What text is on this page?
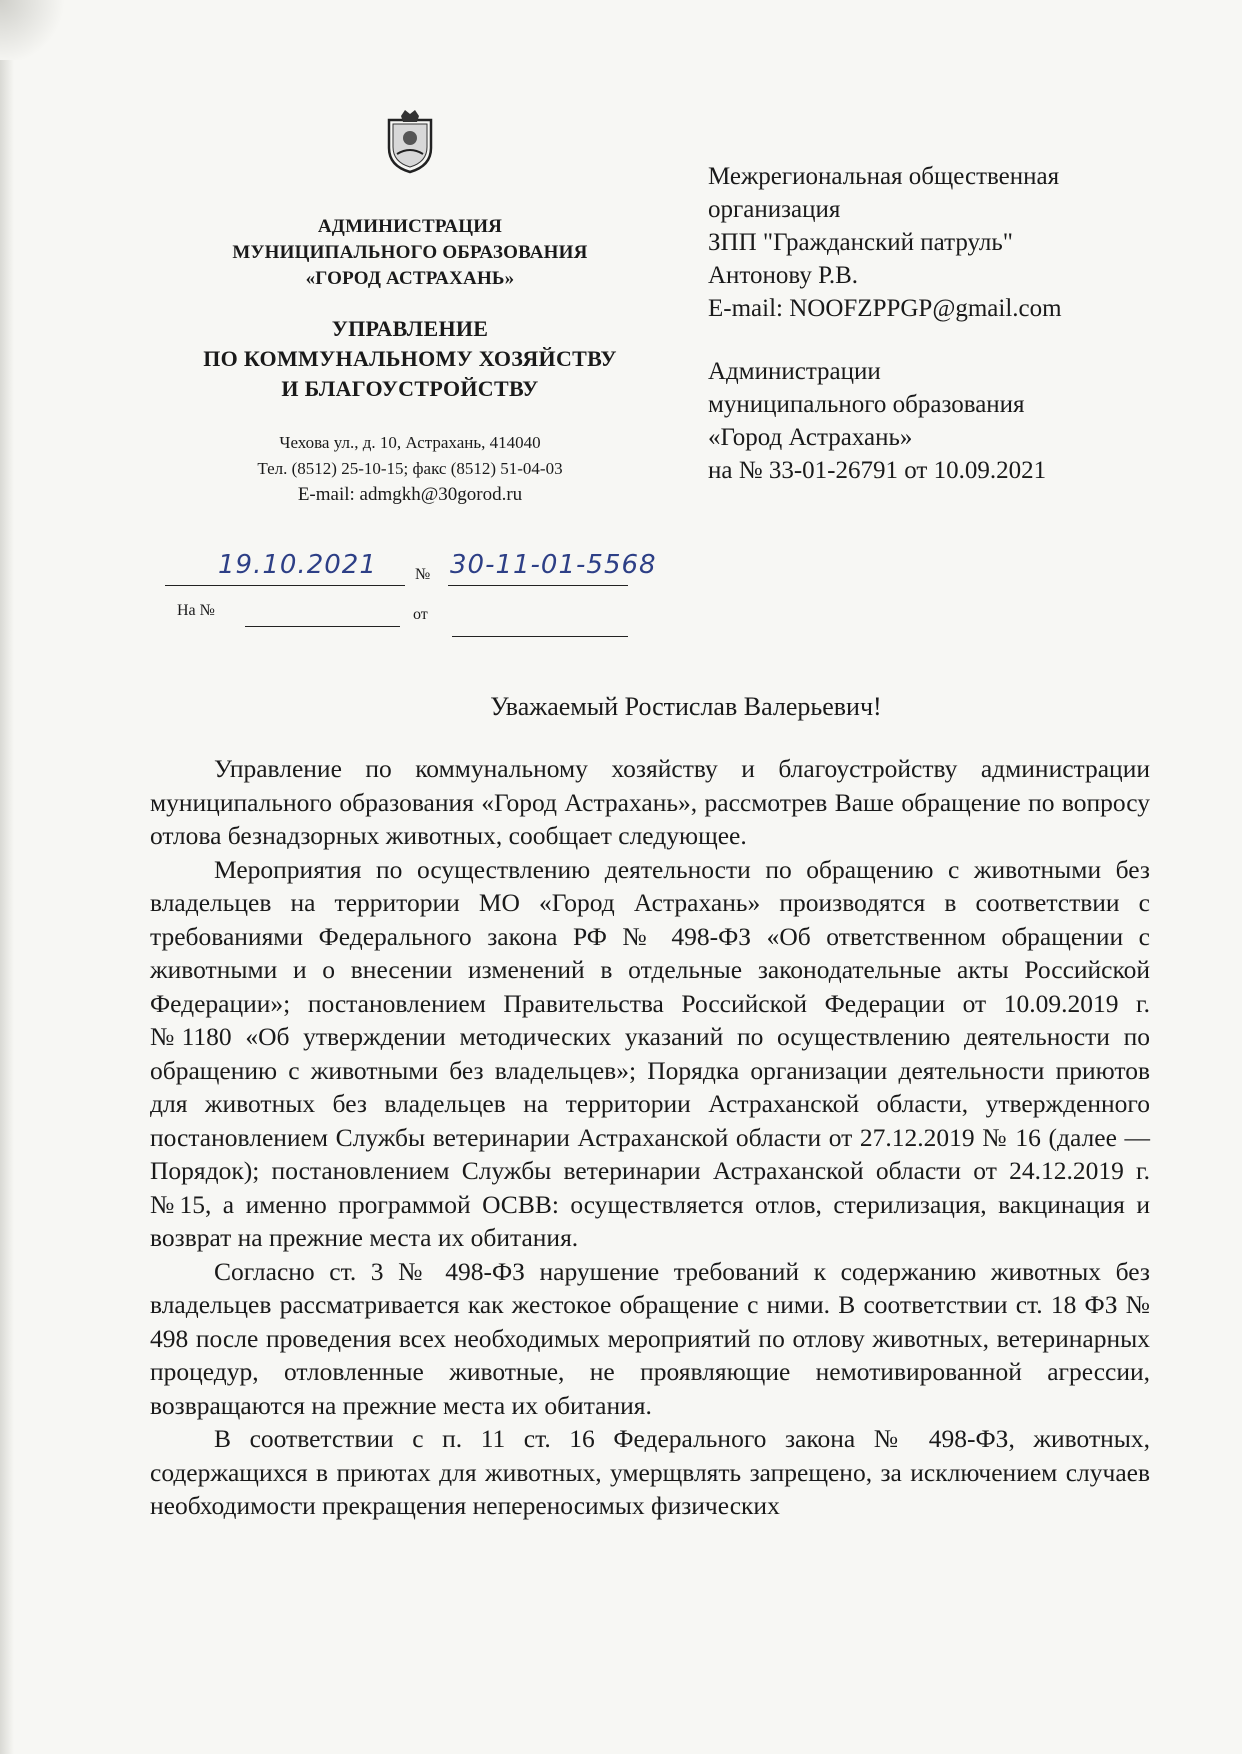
АДМИНИСТРАЦИЯ
МУНИЦИПАЛЬНОГО ОБРАЗОВАНИЯ
«ГОРОД АСТРАХАНЬ»
УПРАВЛЕНИЕ
ПО КОММУНАЛЬНОМУ ХОЗЯЙСТВУ
И БЛАГОУСТРОЙСТВУ
Чехова ул., д. 10, Астрахань, 414040
Тел. (8512) 25-10-15; факс (8512) 51-04-03
E-mail: admgkh@30gorod.ru
19.10.2021 № 30-11-01-5568
На №	от
Межрегиональная общественная
организация
ЗПП "Гражданский патруль"
Антонову Р.В.
E-mail: NOOFZPPGP@gmail.com
Администрации
муниципального образования
«Город Астрахань»
на № 33-01-26791 от 10.09.2021
Уважаемый Ростислав Валерьевич!

Управление по коммунальному хозяйству и благоустройству администрации муниципального образования «Город Астрахань», рассмотрев Ваше обращение по вопросу отлова безнадзорных животных, сообщает следующее.

Мероприятия по осуществлению деятельности по обращению с животными без владельцев на территории МО «Город Астрахань» производятся в соответствии с требованиями Федерального закона РФ № 498-ФЗ «Об ответственном обращении с животными и о внесении изменений в отдельные законодательные акты Российской Федерации»; постановлением Правительства Российской Федерации от 10.09.2019 г. №1180 «Об утверждении методических указаний по осуществлению деятельности по обращению с животными без владельцев»; Порядка организации деятельности приютов для животных без владельцев на территории Астраханской области, утвержденного постановлением Службы ветеринарии Астраханской области от 27.12.2019 № 16 (далее — Порядок); постановлением Службы ветеринарии Астраханской области от 24.12.2019 г. №15, а именно программой ОСВВ: осуществляется отлов, стерилизация, вакцинация и возврат на прежние места их обитания.

Согласно ст. 3 № 498-ФЗ нарушение требований к содержанию животных без владельцев рассматривается как жестокое обращение с ними. В соответствии ст. 18 ФЗ № 498 после проведения всех необходимых мероприятий по отлову животных, ветеринарных процедур, отловленные животные, не проявляющие немотивированной агрессии, возвращаются на прежние места их обитания.

В соответствии с п. 11 ст. 16 Федерального закона № 498-ФЗ, животных, содержащихся в приютах для животных, умерщвлять запрещено, за исключением случаев необходимости прекращения непереносимых физических
